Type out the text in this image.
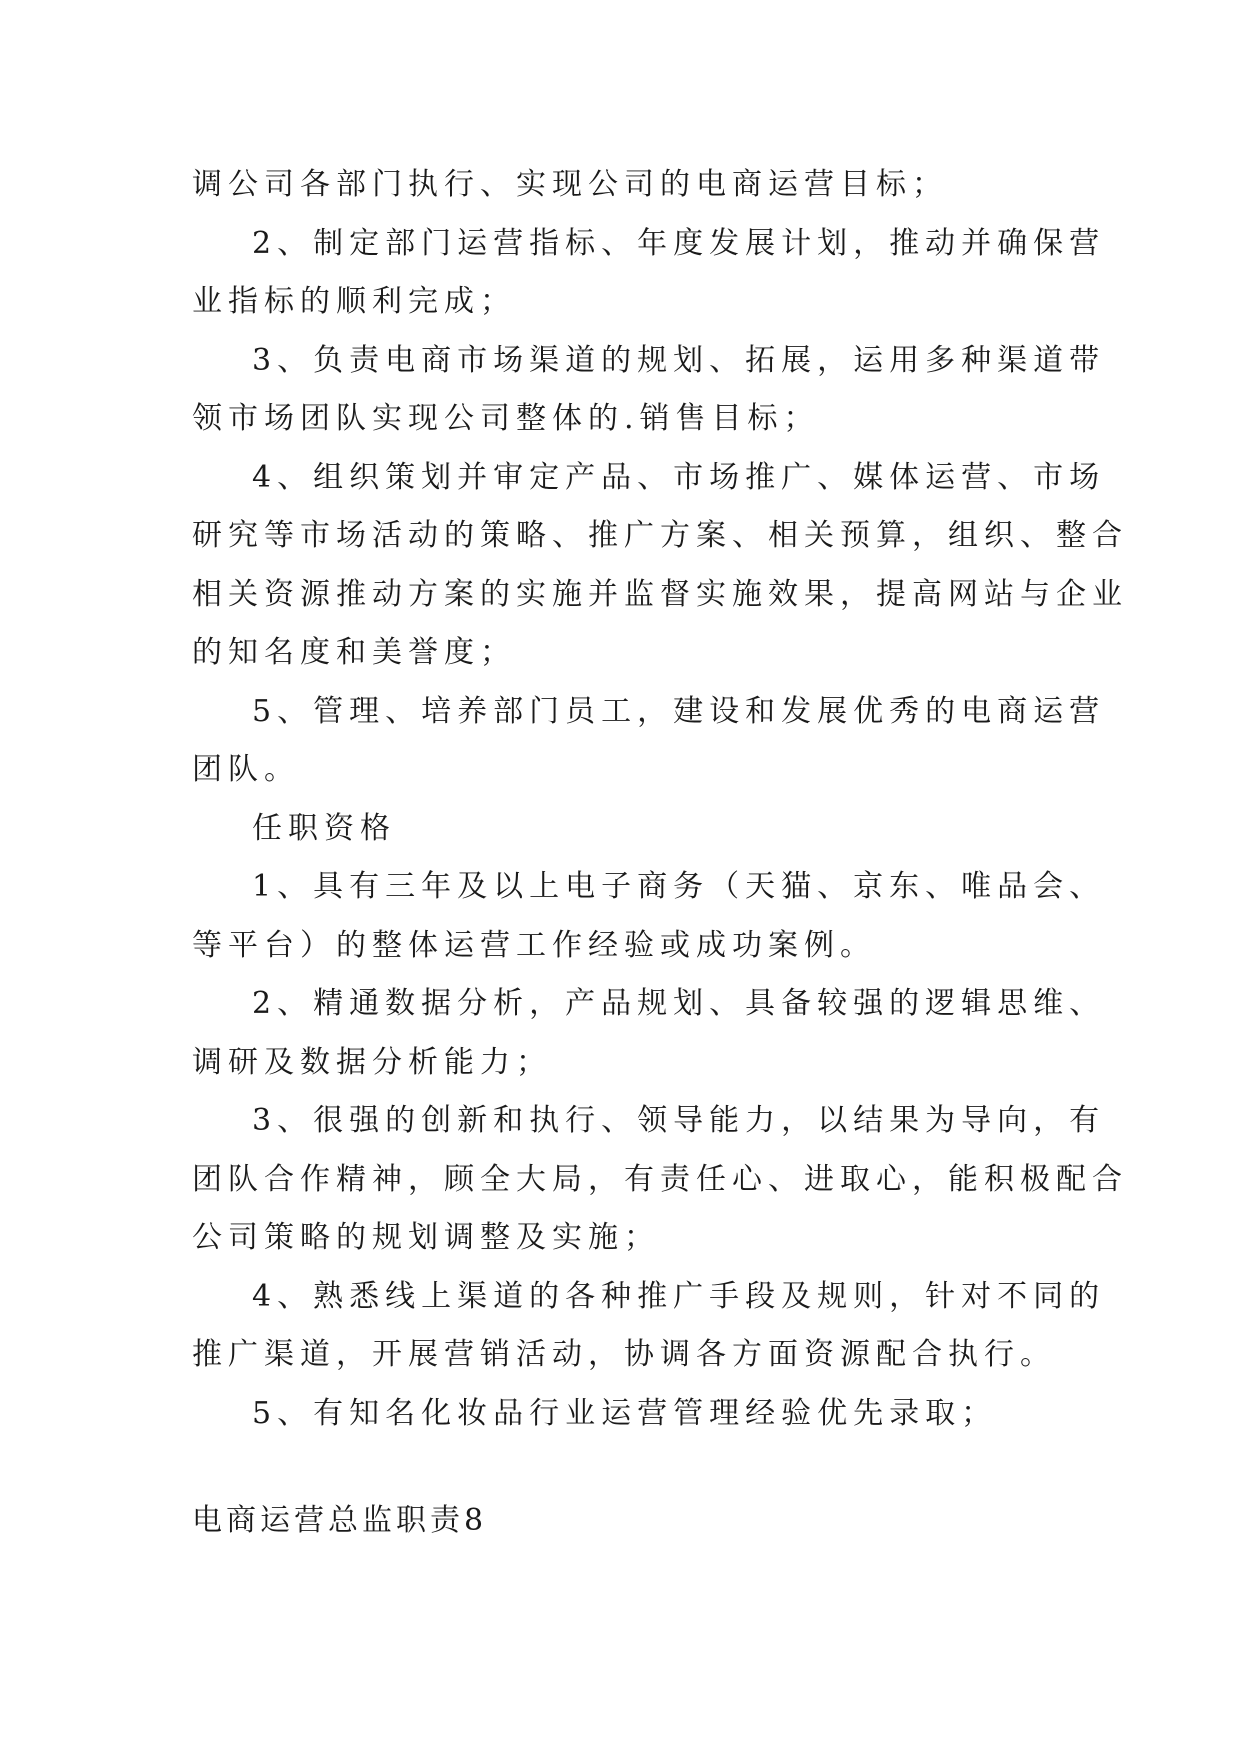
调公司各部门执行、实现公司的电商运营目标；
2、制定部门运营指标、年度发展计划，推动并确保营
业指标的顺利完成；
3、负责电商市场渠道的规划、拓展，运用多种渠道带
领市场团队实现公司整体的.销售目标；
4、组织策划并审定产品、市场推广、媒体运营、市场
研究等市场活动的策略、推广方案、相关预算，组织、整合
相关资源推动方案的实施并监督实施效果，提高网站与企业
的知名度和美誉度；
5、管理、培养部门员工，建设和发展优秀的电商运营
团队。
任职资格
1、具有三年及以上电子商务（天猫、京东、唯品会、
等平台）的整体运营工作经验或成功案例。
2、精通数据分析，产品规划、具备较强的逻辑思维、
调研及数据分析能力；
3、很强的创新和执行、领导能力，以结果为导向，有
团队合作精神，顾全大局，有责任心、进取心，能积极配合
公司策略的规划调整及实施；
4、熟悉线上渠道的各种推广手段及规则，针对不同的
推广渠道，开展营销活动，协调各方面资源配合执行。
5、有知名化妆品行业运营管理经验优先录取；
电商运营总监职责8
